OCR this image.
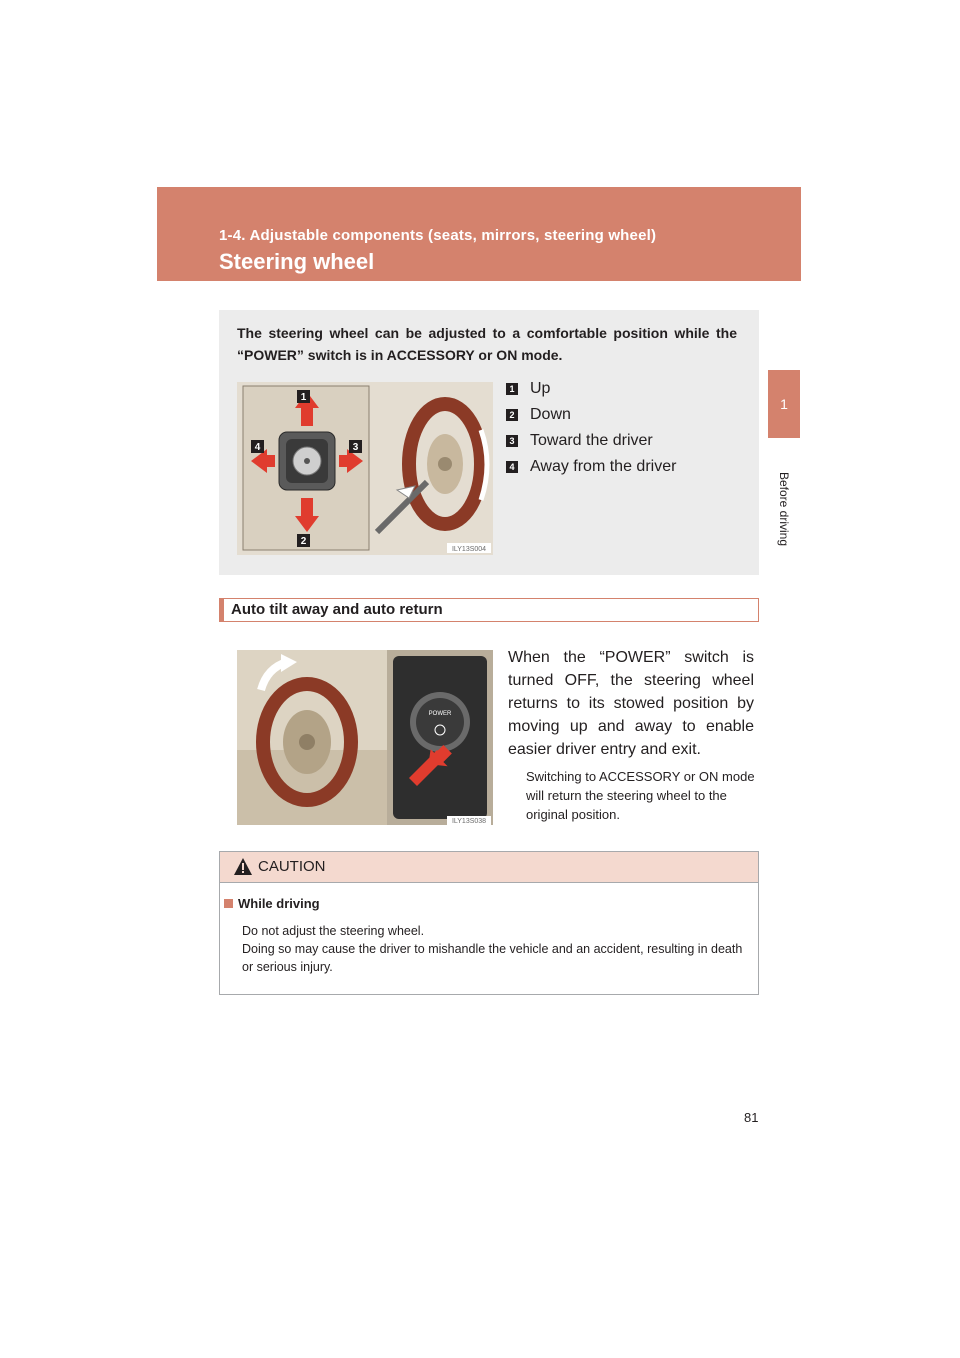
1-4. Adjustable components (seats, mirrors, steering wheel)
Steering wheel
1
Before driving
The steering wheel can be adjusted to a comfortable position while the “POWER” switch is in ACCESSORY or ON mode.
1
2
3
4
ILY13S004
1 Up
2 Down
3 Toward the driver
4 Away from the driver
Auto tilt away and auto return
POWER
ILY13S038
When the “POWER” switch is turned OFF, the steering wheel returns to its stowed position by moving up and away to enable easier driver entry and exit.
Switching to ACCESSORY or ON mode will return the steering wheel to the original position.
CAUTION
While driving
Do not adjust the steering wheel.
Doing so may cause the driver to mishandle the vehicle and an accident, resulting in death or serious injury.
81
